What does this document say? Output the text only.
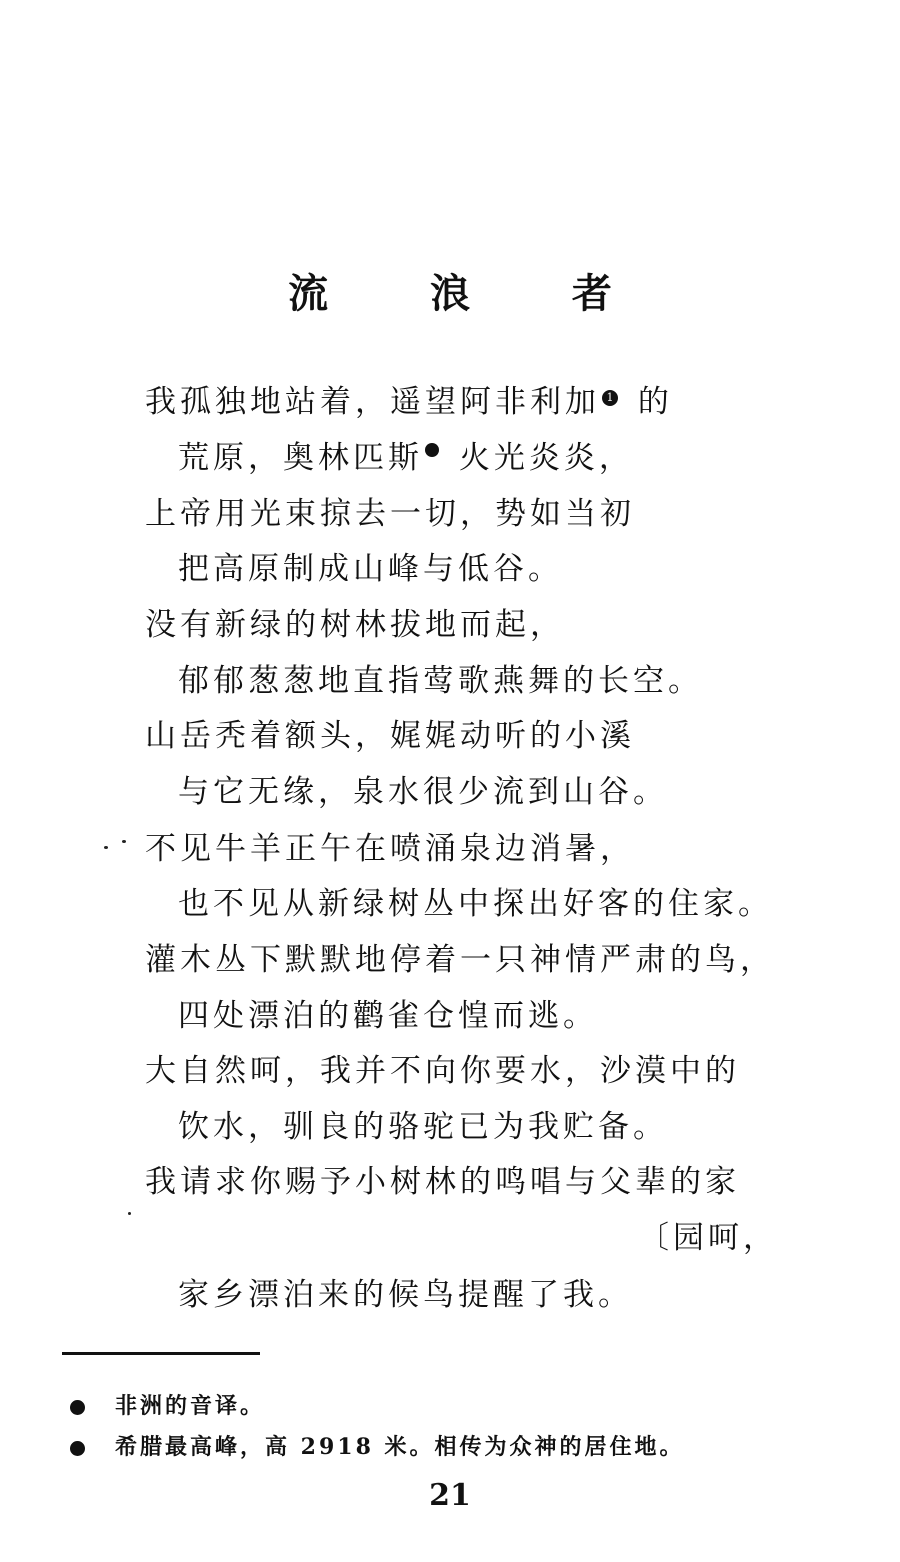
流 浪 者
我孤独地站着，遥望阿非利加 1 的
荒原，奥林匹斯 火光炎炎，
上帝用光束掠去一切，势如当初
把高原制成山峰与低谷。
没有新绿的树林拔地而起，
郁郁葱葱地直指莺歌燕舞的长空。
山岳秃着额头，娓娓动听的小溪
与它无缘，泉水很少流到山谷。
不见牛羊正午在喷涌泉边消暑，
也不见从新绿树丛中探出好客的住家。
灌木丛下默默地停着一只神情严肃的鸟，
四处漂泊的鹳雀仓惶而逃。
大自然呵，我并不向你要水，沙漠中的
饮水，驯良的骆驼已为我贮备。
我请求你赐予小树林的鸣唱与父辈的家
〔园呵，
家乡漂泊来的候鸟提醒了我。
非洲的音译。
希腊最高峰，高 2918 米。相传为众神的居住地。
21
